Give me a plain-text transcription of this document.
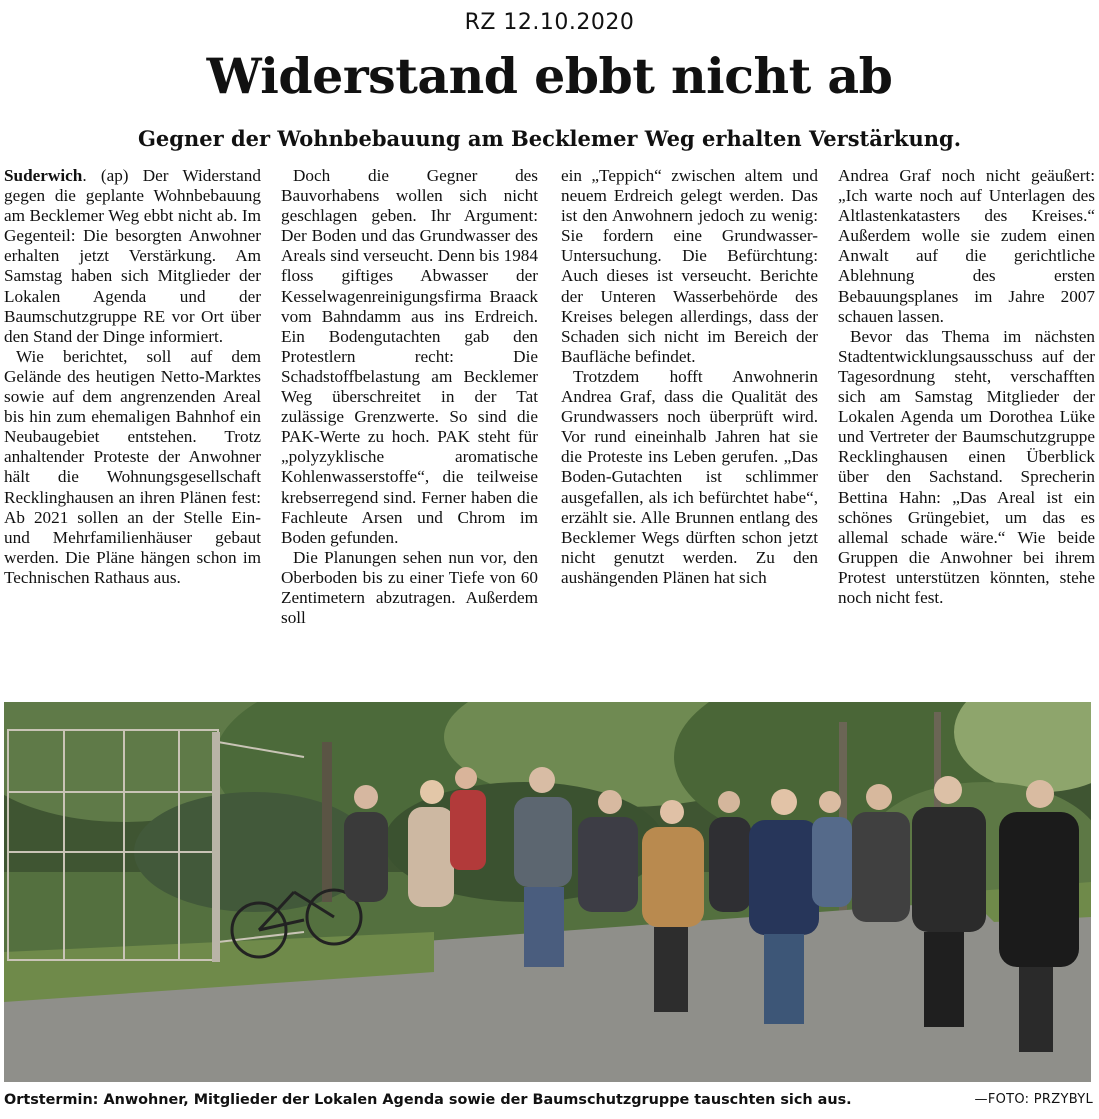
RZ 12.10.2020
Widerstand ebbt nicht ab
Gegner der Wohnbebauung am Becklemer Weg erhalten Verstärkung.

Suderwich. (ap) Der Widerstand gegen die geplante Wohnbebauung am Becklemer Weg ebbt nicht ab. Im Gegenteil: Die besorgten Anwohner erhalten jetzt Verstärkung. Am Samstag haben sich Mitglieder der Lokalen Agenda und der Baumschutzgruppe RE vor Ort über den Stand der Dinge informiert.

Wie berichtet, soll auf dem Gelände des heutigen Netto-Marktes sowie auf dem angrenzenden Areal bis hin zum ehemaligen Bahnhof ein Neubaugebiet entstehen. Trotz anhaltender Proteste der Anwohner hält die Wohnungsgesellschaft Recklinghausen an ihren Plänen fest: Ab 2021 sollen an der Stelle Ein- und Mehrfamilienhäuser gebaut werden. Die Pläne hängen schon im Technischen Rathaus aus.

Doch die Gegner des Bauvorhabens wollen sich nicht geschlagen geben. Ihr Argument: Der Boden und das Grundwasser des Areals sind verseucht. Denn bis 1984 floss giftiges Abwasser der Kesselwagenreinigungsfirma Braack vom Bahndamm aus ins Erdreich. Ein Bodengutachten gab den Protestlern recht: Die Schadstoffbelastung am Becklemer Weg überschreitet in der Tat zulässige Grenzwerte. So sind die PAK-Werte zu hoch. PAK steht für „polyzyklische aromatische Kohlenwasserstoffe“, die teilweise krebserregend sind. Ferner haben die Fachleute Arsen und Chrom im Boden gefunden.

Die Planungen sehen nun vor, den Oberboden bis zu einer Tiefe von 60 Zentimetern abzutragen. Außerdem soll

ein „Teppich“ zwischen altem und neuem Erdreich gelegt werden. Das ist den Anwohnern jedoch zu wenig: Sie fordern eine Grundwasser-Untersuchung. Die Befürchtung: Auch dieses ist verseucht. Berichte der Unteren Wasserbehörde des Kreises belegen allerdings, dass der Schaden sich nicht im Bereich der Baufläche befindet.

Trotzdem hofft Anwohnerin Andrea Graf, dass die Qualität des Grundwassers noch überprüft wird. Vor rund eineinhalb Jahren hat sie die Proteste ins Leben gerufen. „Das Boden-Gutachten ist schlimmer ausgefallen, als ich befürchtet habe“, erzählt sie. Alle Brunnen entlang des Becklemer Wegs dürften schon jetzt nicht genutzt werden. Zu den aushängenden Plänen hat sich

Andrea Graf noch nicht geäußert: „Ich warte noch auf Unterlagen des Altlastenkatasters des Kreises.“ Außerdem wolle sie zudem einen Anwalt auf die gerichtliche Ablehnung des ersten Bebauungsplanes im Jahre 2007 schauen lassen.

Bevor das Thema im nächsten Stadtentwicklungsausschuss auf der Tagesordnung steht, verschafften sich am Samstag Mitglieder der Lokalen Agenda um Dorothea Lüke und Vertreter der Baumschutzgruppe Recklinghausen einen Überblick über den Sachstand. Sprecherin Bettina Hahn: „Das Areal ist ein schönes Grüngebiet, um das es allemal schade wäre.“ Wie beide Gruppen die Anwohner bei ihrem Protest unterstützen könnten, stehe noch nicht fest.

Ortstermin: Anwohner, Mitglieder der Lokalen Agenda sowie der Baumschutzgruppe tauschten sich aus.	—FOTO: PRZYBYL
